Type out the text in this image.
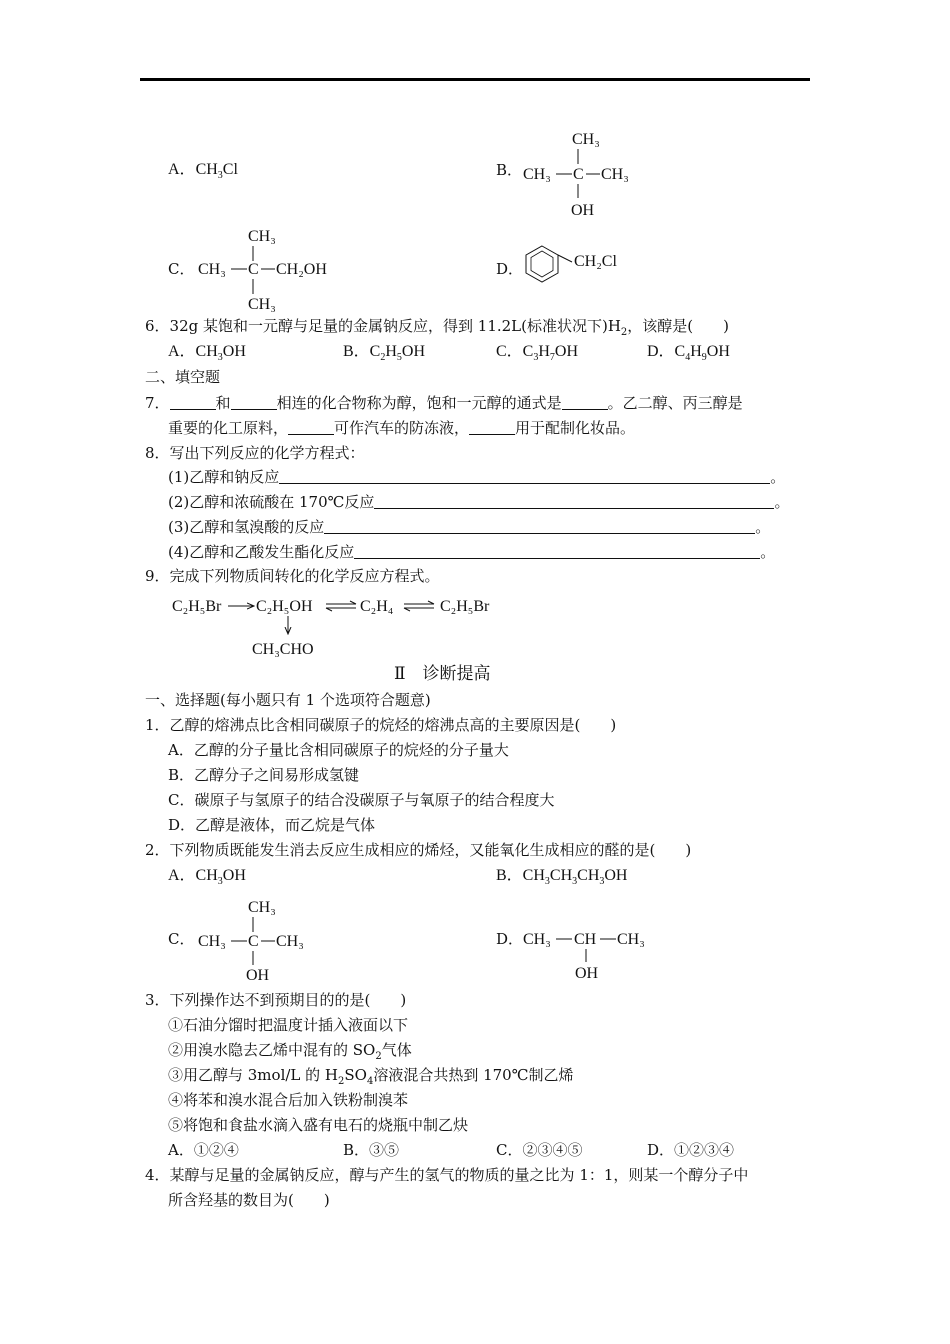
A．$CH_3Cl$	B．
CH₃
CH₃ C CH₃
OH
C．
CH₃
CH₃ C CH₂OH
CH₃
D．	CH₂Cl
6．32g 某饱和一元醇与足量的金属钠反应，得到 11.2L(标准状况下)$H_2$，该醇是(　　)
A．$CH_3OH$	B．$C_2H_5OH$	C．$C_3H_7OH$	D．$C_4H_9OH$
二、填空题
7．	和	相连的化合物称为醇，饱和一元醇的通式是	。乙二醇、丙三醇是
重要的化工原料，	可作汽车的防冻液，	用于配制化妆品。
8．写出下列反应的化学方程式：
(1)乙醇和钠反应	。
(2)乙醇和浓硫酸在 170℃反应	。
(3)乙醇和氢溴酸的反应	。
(4)乙醇和乙酸发生酯化反应	。
9．完成下列物质间转化的化学反应方程式。
C₂H₅Br C₂H₅OH	C₂H₄	C₂H₅Br
CH₃CHO
Ⅱ　诊断提高
一、选择题(每小题只有 1 个选项符合题意)
1．乙醇的熔沸点比含相同碳原子的烷烃的熔沸点高的主要原因是(　　)
A．乙醇的分子量比含相同碳原子的烷烃的分子量大
B．乙醇分子之间易形成氢键
C．碳原子与氢原子的结合没碳原子与氧原子的结合程度大
D．乙醇是液体，而乙烷是气体
2．下列物质既能发生消去反应生成相应的烯烃，又能氧化生成相应的醛的是(　　)
A．$CH_3OH$	B．$CH_3CH_3CH_3OH$
C．
CH₃
CH₃ C CH₃
OH
D． CH₃ CH CH₃
OH
3．下列操作达不到预期目的的是(　　)
①石油分馏时把温度计插入液面以下
②用溴水隐去乙烯中混有的 $SO_2$气体
③用乙醇与 3mol/L 的 $H_2SO_4$溶液混合共热到 170℃制乙烯
④将苯和溴水混合后加入铁粉制溴苯
⑤将饱和食盐水滴入盛有电石的烧瓶中制乙炔
A．①②④	B．③⑤	C．②③④⑤	D．①②③④
4．某醇与足量的金属钠反应，醇与产生的氢气的物质的量之比为 1：1，则某一个醇分子中
所含羟基的数目为(　　)
